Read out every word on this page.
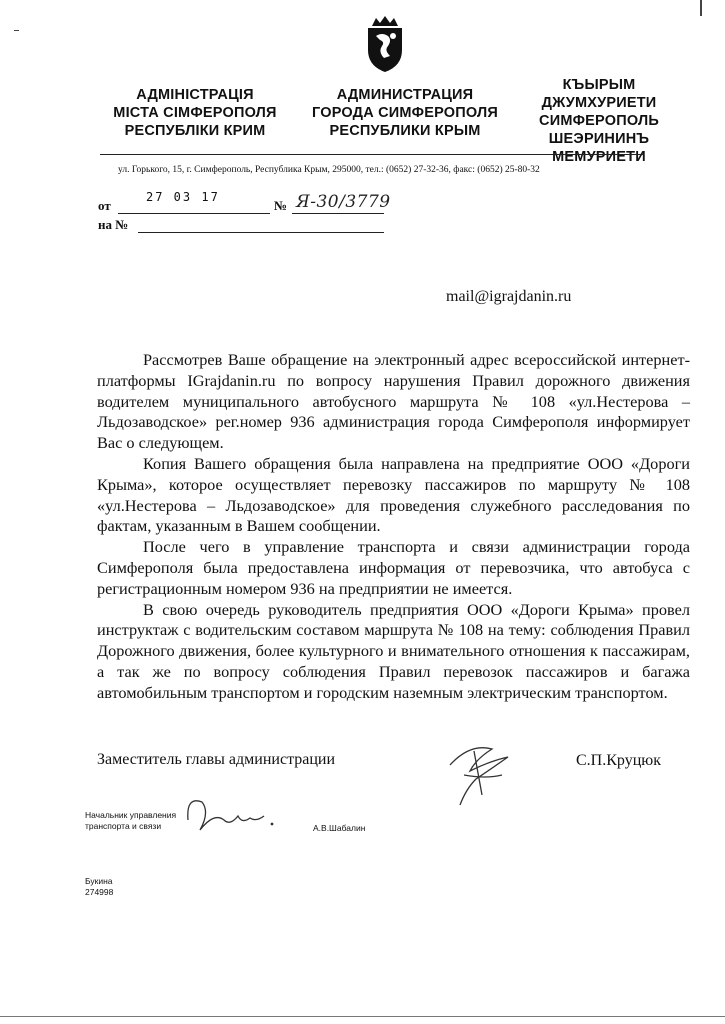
АДМІНІСТРАЦІЯ
МІСТА СІМФЕРОПОЛЯ
РЕСПУБЛІКИ КРИМ
АДМИНИСТРАЦИЯ
ГОРОДА СИМФЕРОПОЛЯ
РЕСПУБЛИКИ КРЫМ
КЪЫРЫМ ДЖУМХУРИЕТИ
СИМФЕРОПОЛЬ
ШЕЭРИНИНЪ
МЕМУРИЕТИ
ул. Горького, 15, г. Симферополь, Республика Крым, 295000, тел.: (0652) 27-32-36, факс: (0652) 25-80-32
от
27 03 17
№ Я-30/3779
на №
mail@igrajdanin.ru

Рассмотрев Ваше обращение на электронный адрес всероссийской интернет-платформы IGrajdanin.ru по вопросу нарушения Правил дорожного движения водителем муниципального автобусного маршрута № 108 «ул.Нестерова – Льдозаводское» рег.номер 936 администрация города Симферополя информирует Вас о следующем.

Копия Вашего обращения была направлена на предприятие ООО «Дороги Крыма», которое осуществляет перевозку пассажиров по маршруту № 108 «ул.Нестерова – Льдозаводское» для проведения служебного расследования по фактам, указанным в Вашем сообщении.

После чего в управление транспорта и связи администрации города Симферополя была предоставлена информация от перевозчика, что автобуса с регистрационным номером 936 на предприятии не имеется.

В свою очередь руководитель предприятия ООО «Дороги Крыма» провел инструктаж с водительским составом маршрута № 108 на тему: соблюдения Правил Дорожного движения, более культурного и внимательного отношения к пассажирам, а так же по вопросу соблюдения Правил перевозок пассажиров и багажа автомобильным транспортом и городским наземным электрическим транспортом.

Заместитель главы администрации	С.П.Круцюк
Начальник управления
транспорта и связи	А.В.Шабалин
Букина
274998
